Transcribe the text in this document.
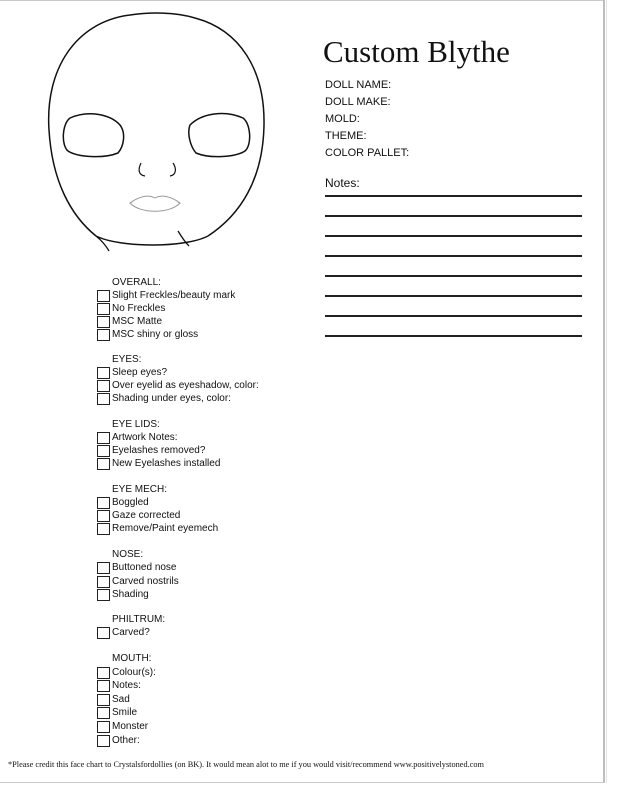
Custom Blythe
DOLL NAME:
DOLL MAKE:
MOLD:
THEME:
COLOR PALLET:
Notes:
OVERALL:
Slight Freckles/beauty mark
No Freckles
MSC Matte
MSC shiny or gloss
EYES:
Sleep eyes?
Over eyelid as eyeshadow, color:
Shading under eyes, color:
EYE LIDS:
Artwork Notes:
Eyelashes removed?
New Eyelashes installed
EYE MECH:
Boggled
Gaze corrected
Remove/Paint eyemech
NOSE:
Buttoned nose
Carved nostrils
Shading
PHILTRUM:
Carved?
MOUTH:
Colour(s):
Notes:
Sad
Smile
Monster
Other:
*Please credit this face chart to Crystalsfordollies (on BK). It would mean alot to me if you would visit/recommend www.positivelystoned.com
